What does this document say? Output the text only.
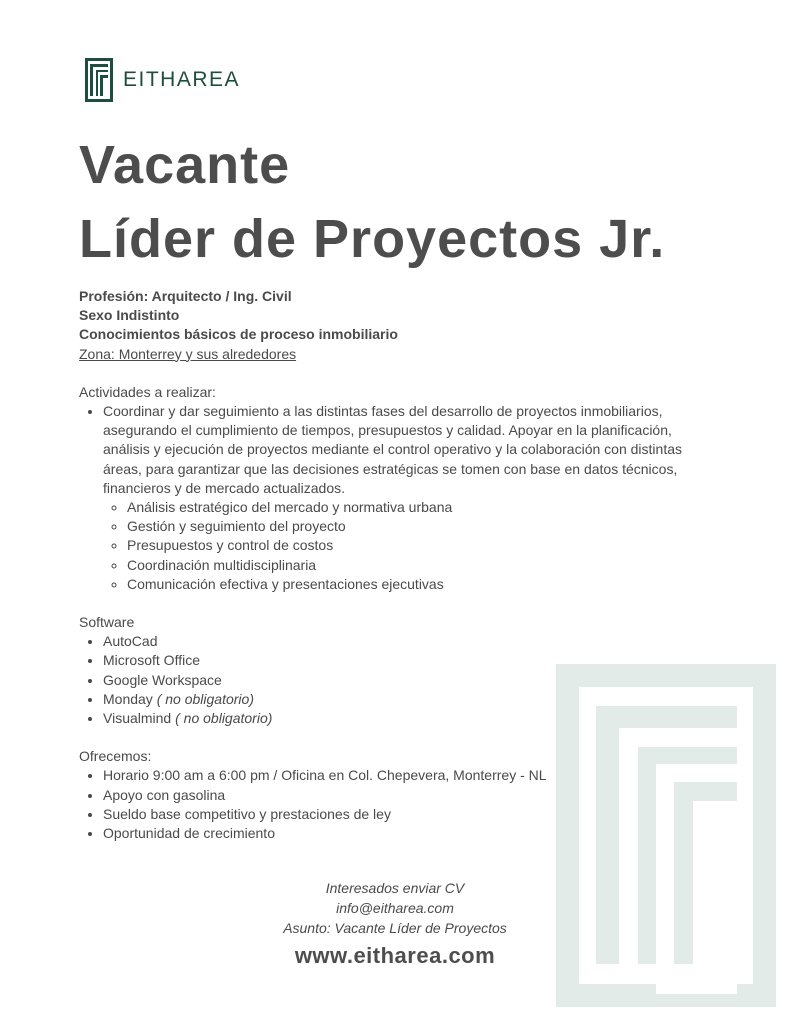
EITHAREA
Vacante
Líder de Proyectos Jr.
Profesión: Arquitecto / Ing. Civil
Sexo Indistinto
Conocimientos básicos de proceso inmobiliario
Zona: Monterrey y sus alrededores
Actividades a realizar:
• Coordinar y dar seguimiento a las distintas fases del desarrollo de proyectos inmobiliarios, asegurando el cumplimiento de tiempos, presupuestos y calidad. Apoyar en la planificación, análisis y ejecución de proyectos mediante el control operativo y la colaboración con distintas áreas, para garantizar que las decisiones estratégicas se tomen con base en datos técnicos, financieros y de mercado actualizados.
◦ Análisis estratégico del mercado y normativa urbana
◦ Gestión y seguimiento del proyecto
◦ Presupuestos y control de costos
◦ Coordinación multidisciplinaria
◦ Comunicación efectiva y presentaciones ejecutivas
Software
• AutoCad
• Microsoft Office
• Google Workspace
• Monday ( no obligatorio)
• Visualmind ( no obligatorio)
Ofrecemos:
• Horario 9:00 am a 6:00 pm / Oficina en Col. Chepevera, Monterrey - NL
• Apoyo con gasolina
• Sueldo base competitivo y prestaciones de ley
• Oportunidad de crecimiento
Interesados enviar CV
info@eitharea.com
Asunto: Vacante Líder de Proyectos
www.eitharea.com
